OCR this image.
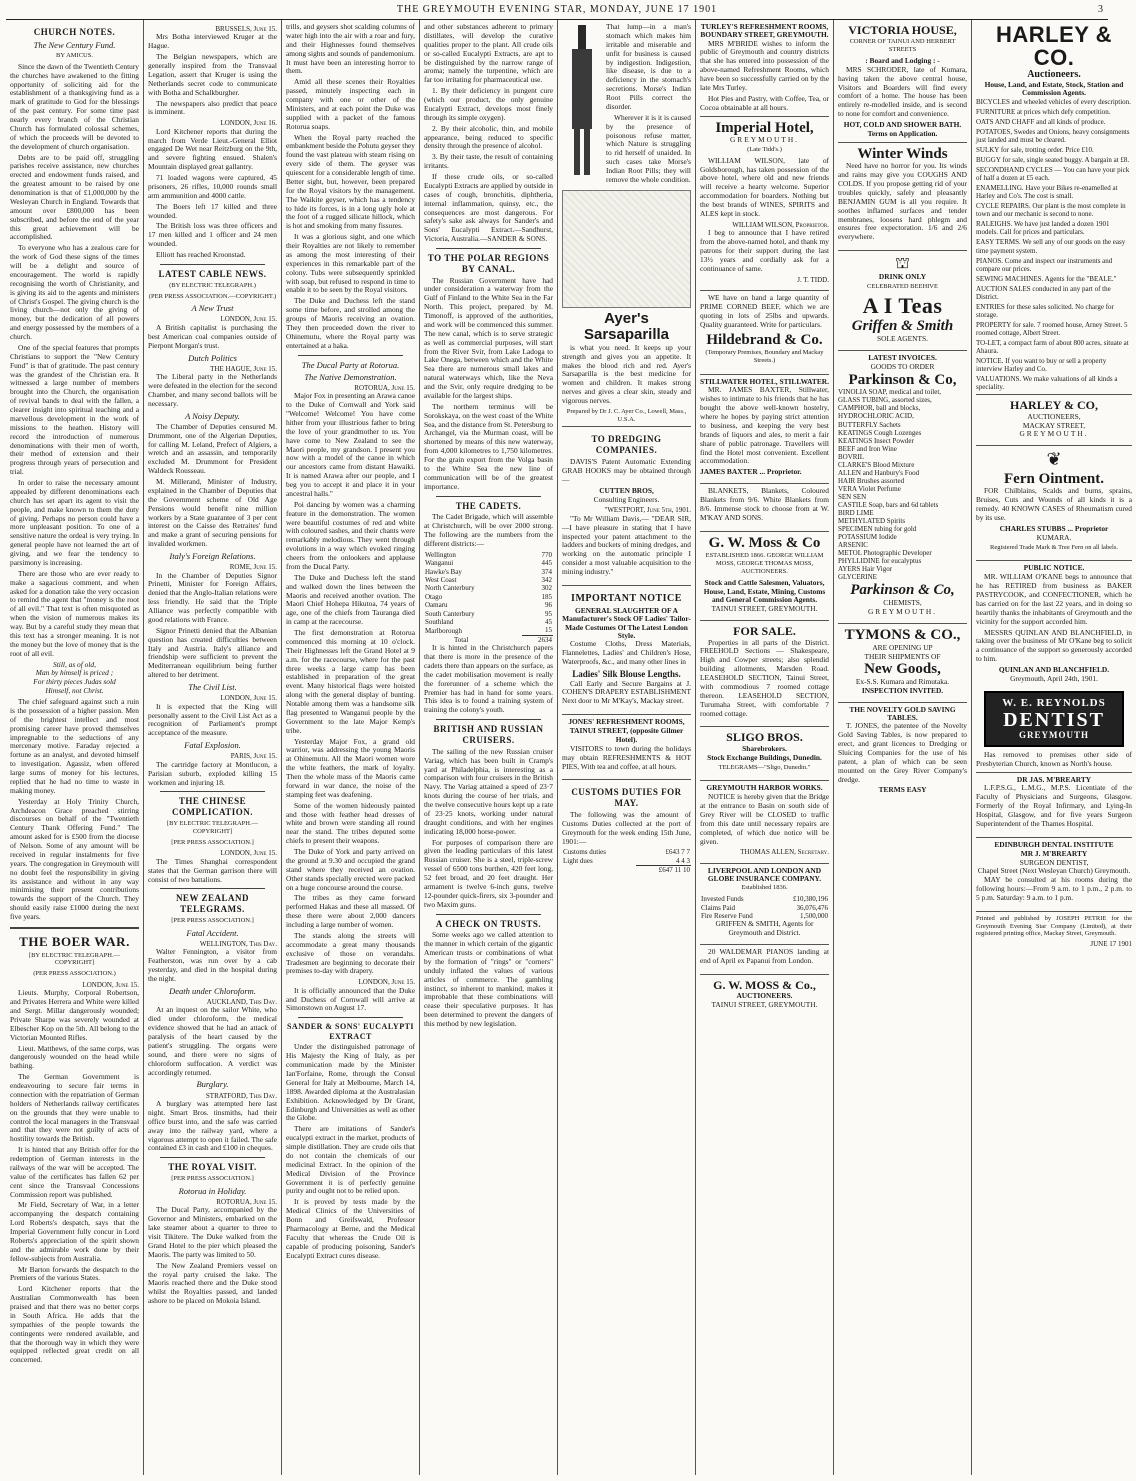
THE GREYMOUTH EVENING STAR, MONDAY, JUNE 17 1901	3
CHURCH NOTES.
The New Century Fund.
BY AMICUS.

Since the dawn of the Twentieth Century the churches have awakened to the fitting opportunity of soliciting aid for the establishment of a thanksgiving fund as a mark of gratitude to God for the blessings of the past century. For some time past nearly every branch of the Christian Church has formulated colossal schemes, of which the proceeds will be devoted to the development of church organisation.

Debts are to be paid off, struggling parishes receive assistance, new churches erected and endowment funds raised, and the greatest amount to be raised by one denomination is that of £1,000,000 by the Wesleyan Church in England. Towards that amount over £800,000 has been subscribed, and before the end of the year this great achievement will be accomplished.

To everyone who has a zealous care for the work of God these signs of the times will be a delight and source of encouragement. The world is rapidly recognising the worth of Christianity, and is giving its aid to the agents and ministers of Christ's Gospel. The giving church is the living church—not only the giving of money, but the dedication of all powers and energy possessed by the members of a church.

One of the special features that prompts Christians to support the "New Century Fund" is that of gratitude. The past century was the grandest of the Christian era. It witnessed a large number of members brought into the Church, the organisation of revival bands to deal with the fallen, a clearer insight into spiritual teaching and a marvellous development in the work of missions to the heathen. History will record the introduction of numerous denominations with their men of worth, their method of extension and their progress through years of persecution and trial.

In order to raise the necessary amount appealed by different denominations each church has set apart its agent to visit the people, and make known to them the duty of giving. Perhaps no person could have a more unpleasant position. To one of a sensitive nature the ordeal is very trying. In general people have not learned the art of giving, and we fear the tendency to parsimony is increasing.

There are those who are ever ready to make a sagacious comment, and when asked for a donation take the very occasion to remind the agent that "money is the root of all evil." That text is often misquoted as when the vision of numerous makes its way. But by a careful study they mean that this text has a stronger meaning. It is not the money but the love of money that is the root of all evil.

Still, as of old,
Man by himself is priced ;
For thirty pieces Judas sold
Himself, not Christ.

The chief safeguard against such a ruin is the possession of a higher passion. Men of the brightest intellect and most promising career have proved themselves impregnable to the seductions of any mercenary motive. Faraday rejected a fortune as an analyst, and devoted himself to investigation. Agassiz, when offered large sums of money for his lectures, replied that he had no time to waste in making money.

Yesterday at Holy Trinity Church, Archdeacon Grace preached stirring discourses on behalf of the "Twentieth Century Thank Offering Fund." The amount asked for is £500 from the diocese of Nelson. Some of any amount will be received in regular instalments for five years. The congregation in Greymouth will no doubt feel the responsibility in giving its assistance and without in any way minimising their present contributions towards the support of the Church. They should easily raise £1000 during the next five years.

THE BOER WAR.
[BY ELECTRIC TELEGRAPH.—COPYRIGHT]
(PER PRESS ASSOCIATION.)
LONDON, June 15.

Lieuts. Murphy, Corporal Robertson, and Privates Herrera and White were killed and Sergt. Millar dangerously wounded; Private Sharpe was severely wounded at Elbescher Kop on the 5th. All belong to the Victorian Mounted Rifles.

Lieut. Matthews, of the same corps, was dangerously wounded on the head while bathing.

The German Government is endeavouring to secure fair terms in connection with the repatriation of German holders of Netherlands railway certificates on the grounds that they were unable to control the local managers in the Transvaal and that they were not guilty of acts of hostility towards the British.

It is hinted that any British offer for the redemption of German interests in the railways of the war will be accepted. The value of the certificates has fallen 62 per cent since the Transvaal Concessions Commission report was published.

Mr Field, Secretary of War, in a letter accompanying the despatch containing Lord Roberts's despatch, says that the Imperial Government fully concur in Lord Roberts's appreciation of the spirit shown and the admirable work done by their fellow-subjects from Australia.

Mr Barton forwards the despatch to the Premiers of the various States.

Lord Kitchener reports that the Australian Commonwealth has been praised and that there was no better corps in South Africa. He adds that the sympathies of the people towards the contingents were rendered available, and that the thorough way in which they were equipped reflected great credit on all concerned.

BRUSSELS, June 15.

Mrs Botha interviewed Kruger at the Hague.

The Belgian newspapers, which are generally inspired from the Transvaal Legation, assert that Kruger is using the Netherlands secret code to communicate with Botha and Schalkburgher.

The newspapers also predict that peace is imminent.

LONDON, June 16.

Lord Kitchener reports that during the march from Verde Lieut.-General Elliot engaged De Wet near Reitzburg on the 9th, and severe fighting ensued. Shalen's Mountain displayed great gallantry.

71 loaded wagons were captured, 45 prisoners, 26 rifles, 10,000 rounds small arm ammunition and 4000 cattle.

The Boers left 17 killed and three wounded.

The British loss was three officers and 17 men killed and 1 officer and 24 men wounded.

Elliott has reached Kroonstad.

LATEST CABLE NEWS.
(BY ELECTRIC TELEGRAPH.)
(PER PRESS ASSOCIATION.—COPYRIGHT.)
A New Trust
LONDON, June 15.

A British capitalist is purchasing the best American coal companies outside of Pierpont Morgan's trust.

Dutch Politics
THE HAGUE, June 15.

The Liberal party in the Netherlands were defeated in the election for the second Chamber, and many second ballots will be necessary.

A Noisy Deputy.

The Chamber of Deputies censured M. Drummont, one of the Algerian Deputies, for calling M. Leland, Prefect of Algiers, a wretch and an assassin, and temporarily excluded M. Drummont for President Waldeck Rousseau.

M. Millerand, Minister of Industry, explained in the Chamber of Deputies that the Government scheme of Old Age Pensions would benefit nine million workers by a State guarantee of 3 per cent interest on the Caisse des Retraites' fund and make a grant of securing pensions for invalided workmen.

Italy's Foreign Relations.
ROME, June 15.

In the Chamber of Deputies Signor Prinetti, Minister for Foreign Affairs, denied that the Anglo-Italian relations were less friendly. He said that the Triple Alliance was perfectly compatible with good relations with France.

Signor Prinetti denied that the Albanian question has created difficulties between Italy and Austria. Italy's alliance and friendship were sufficient to prevent the Mediterranean equilibrium being further altered to her detriment.

The Civil List.
LONDON, June 15.

It is expected that the King will personally assent to the Civil List Act as a recognition of Parliament's prompt acceptance of the measure.

Fatal Explosion.
PARIS, June 15.

The cartridge factory at Montlucon, a Parisian suburb, exploded killing 15 workmen and injuring 18.

THE CHINESE COMPLICATION.
[BY ELECTRIC TELEGRAPH.—COPYRIGHT]
[PER PRESS ASSOCIATION.]
LONDON, June 15.

The Times Shanghai correspondent states that the German garrison there will consist of two battalions.

NEW ZEALAND TELEGRAMS.
[PER PRESS ASSOCIATION.]
Fatal Accident.
WELLINGTON, This Day.

Walter Fennington, a visitor from Featherston, was run over by a cab yesterday, and died in the hospital during the night.

Death under Chloroform.
AUCKLAND, This Day.

At an inquest on the sailor White, who died under chloroform, the medical evidence showed that he had an attack of paralysis of the heart caused by the patient's struggling. The organs were sound, and there were no signs of chloroform suffocation. A verdict was accordingly returned.

Burglary.
STRATFORD, This Day.

A burglary was attempted here last night. Smart Bros. tinsmiths, had their office burst into, and the safe was carried away into the railway yard, where a vigorous attempt to open it failed. The safe contained £3 in cash and £100 in cheques.

THE ROYAL VISIT.
[PER PRESS ASSOCIATION.]
Rotorua in Holiday.
ROTORUA, June 15.

The Ducal Party, accompanied by the Governor and Ministers, embarked on the lake steamer about a quarter to three to visit Tikitere. The Duke walked from the Grand Hotel to the pier which pleased the Maoris. The party was limited to 50.

The New Zealand Premiers vessel on the royal party cruised the lake. The Maoris reached there and the Duke stood whilst the Royalties passed, and landed ashore to be placed on Mokoia Island.

trills, and geysers shot scalding columns of water high into the air with a roar and fury, and their Highnesses found themselves among sights and sounds of pandemonium. It must have been an interesting horror to them.

Amid all these scenes their Royalties passed, minutely inspecting each in company with one or other of the Ministers, and at each point the Duke was supplied with a packet of the famous Rotorua soaps.

When the Royal party reached the embankment beside the Pohutu geyser they found the vast plateau with steam rising on every side of them. The geyser was quiescent for a considerable length of time. Better sight, but, however, been prepared for the Royal visitors by the management. The Waikite geyser, which has a tendency to hide its forces, is in a long ugly hole at the foot of a rugged silicate hillock, which is hot and smoking from many fissures.

It was a glorious sight, and one which their Royalties are not likely to remember as among the most interesting of their experiences in this remarkable part of the colony. Tubs were subsequently sprinkled with soap, but refused to respond in time to enable it to be seen by the Royal visitors.

The Duke and Duchess left the stand some time before, and strolled among the groups of Maoris receiving an ovation. They then proceeded down the river to Ohinemutu, where the Royal party was entertained at a haka.

The Ducal Party at Rotorua.
The Native Demonstration.
ROTORUA, June 15.

Major Fox in presenting an Arawa canoe to the Duke of Cornwall and York said "Welcome! Welcome! You have come hither from your illustrious father to bring the love of your grandmother to us. You have come to New Zealand to see the Maori people, my grandson. I present you now with a model of the canoe in which our ancestors came from distant Hawaiki. It is named Arawa after our people, and I beg you to accept it and place it in your ancestral halls."

Poi dancing by women was a charming feature in the demonstration. The women were beautiful costumes of red and white with coloured sashes, and their chants were remarkably melodious. They went through evolutions in a way which evoked ringing cheers from the onlookers and applause from the Ducal Party.

The Duke and Duchess left the stand and walked down the lines between the Maoris and received another ovation. The Maori Chief Hohepa Hikutoa, 74 years of age, one of the chiefs from Tauranga died in camp at the racecourse.

The first demonstration at Rotorua commenced this morning at 10 o'clock. Their Highnesses left the Grand Hotel at 9 a.m. for the racecourse, where for the past three weeks a large camp has been established in preparation of the great event. Many historical flags were hoisted along with the general display of bunting. Notable among them was a handsome silk flag presented to Wanganui people by the Government to the late Major Kemp's tribe.

Yesterday Major Fox, a grand old warrior, was addressing the young Maoris at Ohinemutu. All the Maori women wore the white feathers, the mark of loyalty. Then the whole mass of the Maoris came forward in war dance, the noise of the stamping feet was deafening.

Some of the women hideously painted and those with feather head dresses of white and brown were standing all round near the stand. The tribes deputed some chiefs to present their weapons.

The Duke of York and party arrived on the ground at 9.30 and occupied the grand stand where they received an ovation. Other stands specially erected were packed on a huge concourse around the course.

The tribes as they came forward performed Hakas and these all massed. Of these there were about 2,000 dancers including a large number of women.

The stands along the streets will accommodate a great many thousands exclusive of those on verandahs. Tradesmen are beginning to decorate their premises to-day with drapery.

LONDON, June 15.

It is officially announced that the Duke and Duchess of Cornwall will arrive at Simonstown on August 17.

SANDER & SONS' EUCALYPTI EXTRACT

Under the distinguished patronage of His Majesty the King of Italy, as per communication made by the Minister Ian'Forfaine, Rome, through the Consul General for Italy at Melbourne, March 14, 1898. Awarded diploma at the Australasian Exhibition. Acknowledged by Dr Grant, Edinburgh and Universities as well as other the Globe.

There are imitations of Sander's eucalypti extract in the market, products of simple distillation. They are crude oils that do not contain the chemicals of our medicinal Extract. In the opinion of the Medical Division of the Province Government it is of perfectly genuine purity and ought not to be relied upon.

It is proved by tests made by the Medical Clinics of the Universities of Bonn and Greifswald, Professor Pharmacology at Berne, and the Medical Faculty that whereas the Crude Oil is capable of producing poisoning, Sander's Eucalypti Extract cures disease.

and other substances adherent to primary distillates, will develop the curative qualities proper to the plant. All crude oils or so-called Eucalypti Extracts, are apt to be distinguished by the narrow range of aroma; namely the turpentine, which are far too irritating for pharmaceutical use.

1. By their deficiency in pungent cure (which our product, the only genuine Eucalypti Extract, develops most finely through its simple oxygen).

2. By their alcoholic, thin, and mobile appearance, being reduced to specific density through the presence of alcohol.

3. By their taste, the result of containing irritants.

If these crude oils, or so-called Eucalypti Extracts are applied by outside in cases of cough, bronchitis, diphtheria, internal inflammation, quinsy, etc., the consequences are most dangerous. For safety's sake ask always for Sander's and Sons' Eucalypti Extract.—Sandhurst, Victoria, Australia.—SANDER & SONS.

TO THE POLAR REGIONS BY CANAL.

The Russian Government have had under consideration a waterway from the Gulf of Finland to the White Sea in the Far North. This project, prepared by M. Timonoff, is approved of the authorities, and work will be commenced this summer. The new canal, which is to serve strategic as well as commercial purposes, will start from the River Svir, from Lake Ladoga to Lake Onega, between which and the White Sea there are numerous small lakes and natural waterways which, like the Neva and the Svir, only require dredging to be available for the largest ships.

The northern terminus will be Sorokskaya, on the west coast of the White Sea, and the distance from St. Petersburg to Archangel, via the Murman coast, will be shortened by means of this new waterway, from 4,000 kilometres to 1,750 kilometres. For the grain export from the Volga basin to the White Sea the new line of communication will be of the greatest importance.

THE CADETS.

The Cadet Brigade, which will assemble at Christchurch, will be over 2000 strong. The following are the numbers from the different districts:—

Wellington	770
Wanganui	445
Hawke's Bay	374
West Coast	342
North Canterbury	302
Otago	185
Oamaru	96
South Canterbury	95
Southland	45
Marlborough	15
Total	2634

It is hinted in the Christchurch papers that there is more in the presence of the cadets there than appears on the surface, as the cadet mobilisation movement is really the forerunner of a scheme which the Premier has had in hand for some years. This idea is to found a training system of training the colony's youth.

BRITISH AND RUSSIAN CRUISERS.

The sailing of the new Russian cruiser Variag, which has been built in Cramp's yard at Philadelphia, is interesting as a comparison with four cruisers in the British Navy. The Variag attained a speed of 23·7 knots during the course of her trials, and the twelve consecutive hours kept up a rate of 23·25 knots, working under natural draught conditions, and with her engines indicating 18,000 horse-power.

For purposes of comparison there are given the leading particulars of this latest Russian cruiser. She is a steel, triple-screw vessel of 6500 tons burthen, 420 feet long, 52 feet broad, and 20 feet draught. Her armament is twelve 6-inch guns, twelve 12-pounder quick-firers, six 3-pounder and two Maxim guns.

A CHECK ON TRUSTS.

Some weeks ago we called attention to the manner in which certain of the gigantic American trusts or combinations of what by the formation of "rings" or "corners" unduly inflated the values of various articles of commerce. The gambling instinct, so inherent to mankind, makes it improbable that these combinations will cease their speculative purposes. It has been determined to prevent the dangers of this method by new legislation.

That lump—in a man's stomach which makes him irritable and miserable and unfit for business is caused by indigestion. Indigestion, like disease, is due to a deficiency in the stomach's secretions. Morse's Indian Root Pills correct the disorder.

Wherever it is it is caused by the presence of poisonous refuse matter, which Nature is struggling to rid herself of unaided. In such cases take Morse's Indian Root Pills; they will remove the whole condition.

Ayer's Sarsaparilla

is what you need. It keeps up your strength and gives you an appetite. It makes the blood rich and red. Ayer's Sarsaparilla is the best medicine for women and children. It makes strong nerves and gives a clear skin, steady and vigorous nerves.

Prepared by Dr J. C. Ayer Co., Lowell, Mass., U.S.A.
TO DREDGING COMPANIES.

DAVIS'S Patent Automatic Extending GRAB HOOKS may be obtained through—

CUTTEN BROS,
Consulting Engineers.
"WESTPORT, June 5th, 1901.

"To Mr William Davis,— "DEAR SIR,—I have pleasure in stating that I have inspected your patent attachment to the ladders and buckets of mining dredges, and working on the automatic principle I consider a most valuable acquisition to the mining industry."

IMPORTANT NOTICE
GENERAL SLAUGHTER OF A Manufacturer's Stock OF Ladies' Tailor-Made Costumes Of The Latest London Style.

Costume Cloths, Dress Materials, Flannelettes, Ladies' and Children's Hose, Waterproofs, &c., and many other lines in

Ladies' Silk Blouse Lengths.

Call Early and Secure Bargains at J. COHEN'S DRAPERY ESTABLISHMENT Next door to Mr M'Kay's, Mackay street.

JONES' REFRESHMENT ROOMS, TAINUI STREET, (opposite Gilmer Hotel).

VISITORS to town during the holidays may obtain REFRESHMENTS & HOT PIES, With tea and coffee, at all hours.

CUSTOMS DUTIES FOR MAY.

The following was the amount of Customs Duties collected at the port of Greymouth for the week ending 15th June, 1901:—

Customs duties	£643 7 7
Light dues	4 4 3
	£647 11 10
TURLEY'S REFRESHMENT ROOMS, BOUNDARY STREET, GREYMOUTH.

MRS M'BRIDE wishes to inform the public of Greymouth and country districts that she has entered into possession of the above-named Refreshment Rooms, which have been so successfully carried on by the late Mrs Turley.

Hot Pies and Pastry, with Coffee, Tea, or Cocoa obtainable at all hours.

Imperial Hotel,
GREYMOUTH.
(Late Tidd's.)

WILLIAM WILSON, late of Goldsborough, has taken possession of the above hotel, where old and new friends will receive a hearty welcome. Superior accommodation for boarders. Nothing but the best brands of WINES, SPIRITS and ALES kept in stock.

WILLIAM WILSON, Proprietor.

I beg to announce that I have retired from the above-named hotel, and thank my patrons for their support during the last 13½ years and cordially ask for a continuance of same.

J. T. TIDD.

WE have on hand a large quantity of PRIME CORNED BEEF, which we are quoting in lots of 25lbs and upwards. Quality guaranteed. Write for particulars.

Hildebrand & Co.
(Temporary Premises, Boundary and Mackay Streets.)
STILLWATER HOTEL, STILLWATER.

MR. JAMES BAXTER, Stillwater, wishes to intimate to his friends that he has bought the above well-known hostelry, where he hopes by paying strict attention to business, and keeping the very best brands of liquors and ales, to merit a fair share of public patronage. Travellers will find the Hotel most convenient. Excellent accommodation.

JAMES BAXTER ... Proprietor.

BLANKETS, Blankets, Coloured Blankets from 9/6. White Blankets from 8/6. Immense stock to choose from at W. M'KAY AND SONS.

G. W. Moss & Co
ESTABLISHED 1866. GEORGE WILLIAM MOSS, GEORGE THOMAS MOSS, AUCTIONEERS.
Stock and Cattle Salesmen, Valuators, House, Land, Estate, Mining, Customs and General Commission Agents.
TAINUI STREET, GREYMOUTH.
FOR SALE.

Properties in all parts of the District. FREEHOLD Sections — Shakespeare, High and Cowper streets; also splendid building allotments, Marsden Road. LEASEHOLD SECTION, Tainui Street, with commodious 7 roomed cottage thereon. LEASEHOLD SECTION, Turumaha Street, with comfortable 7 roomed cottage.

SLIGO BROS.
Sharebrokers.
Stock Exchange Buildings, Dunedin.
TELEGRAMS—"Sligo, Dunedin."
GREYMOUTH HARBOR WORKS.

NOTICE is hereby given that the Bridge at the entrance to Basin on south side of Grey River will be CLOSED to traffic from this date until necessary repairs are completed, of which due notice will be given.

THOMAS ALLEN, Secretary.
LIVERPOOL AND LONDON AND GLOBE INSURANCE COMPANY.
Established 1836.
Invested Funds	£10,380,196
Claims Paid	36,076,476
Fire Reserve Fund	1,500,000
GRIFFEN & SMITH, Agents for Greymouth and District.

20 WALDEMAR PIANOS landing at end of April ex Papanui from London.

G. W. MOSS & Co.,
AUCTIONEERS.
TAINUI STREET, GREYMOUTH.
VICTORIA HOUSE,
CORNER OF TAINUI AND HERBERT STREETS
: Board and Lodging : -

MRS SCHRODER, late of Kumara, having taken the above central house, Visitors and Boarders will find every comfort of a home. The house has been entirely re-modelled inside, and is second to none for comfort and convenience.

HOT, COLD AND SHOWER BATH. Terms on Application.
Winter Winds

Need have no horror for you. Its winds and rains may give you COUGHS AND COLDS. If you propose getting rid of your troubles quickly, safely and pleasantly BENJAMIN GUM is all you require. It soothes inflamed surfaces and tender membranes, loosens hard phlegm and ensures free expectoration. 1/6 and 2/6 everywhere.

⛫
DRINK ONLY
CELEBRATED BEEHIVE
A I Teas
Griffen & Smith
SOLE AGENTS.
LATEST INVOICES.
GOODS TO ORDER
Parkinson & Co,
VINOLIA SOAP, medical and toilet,
GLASS TUBING, assorted sizes,
CAMPHOR, ball and blocks,
HYDROCHLORIC ACID,
BUTTERFLY Sachets
KEATINGS Cough Lozenges
KEATINGS Insect Powder
BEEF and Iron Wine
BOVRIL
CLARKE'S Blood Mixture
ALLEN and Hanbury's Food
HAIR Brushes assorted
VERA Violet Perfume
SEN SEN
CASTILE Soap, bars and 6d tablets
BIRD LIME
METHYLATED Spirits
SPECIMEN tubing for gold
POTASSIUM Iodide
ARSENIC
METOL Photographic Developer
PHYLLIDINE for eucalyptus
AYERS Hair Vigor
GLYCERINE
Parkinson & Co,
CHEMISTS,
GREYMOUTH.
TYMONS & CO.,
ARE OPENING UP
THEIR SHIPMENTS OF
New Goods,
Ex-S.S. Kumara and Rimutaka.
INSPECTION INVITED.
THE NOVELTY GOLD SAVING TABLES.

T. JONES, the patentee of the Novelty Gold Saving Tables, is now prepared to erect, and grant licences to Dredging or Sluicing Companies for the use of his patent, a plan of which can be seen mounted on the Grey River Company's dredge.

TERMS EASY
HARLEY & CO.
Auctioneers.
House, Land, and Estate, Stock, Station and Commission Agents.
BICYCLES and wheeled vehicles of every description.
FURNITURE at prices which defy competition.
OATS AND CHAFF and all kinds of produce.
POTATOES, Swedes and Onions, heavy consignments just landed and must be cleared.
SULKY for sale, trotting order. Price £10.
BUGGY for sale, single seated buggy. A bargain at £8.
SECONDHAND CYCLES — You can have your pick of half a dozen at £5 each.
ENAMELLING. Have your Bikes re-enamelled at Harley and Co's. The cost is small.
CYCLE REPAIRS. Our plant is the most complete in town and our mechanic is second to none.
RALEIGHS. We have just landed a dozen 1901 models. Call for prices and particulars.
EASY TERMS. We sell any of our goods on the easy time payment system.
PIANOS. Come and inspect our instruments and compare our prices.
SEWING MACHINES. Agents for the "BEALE."
AUCTION SALES conducted in any part of the District.
ENTRIES for these sales solicited. No charge for storage.
PROPERTY for sale. 7 roomed house, Arney Street. 5 roomed cottage, Albert Street.
TO-LET, a compact farm of about 800 acres, situate at Ahaura.
NOTICE. If you want to buy or sell a property interview Harley and Co.
VALUATIONS. We make valuations of all kinds a speciality.
HARLEY & CO,
AUCTIONEERS,
MACKAY STREET,
GREYMOUTH.
❦
Fern Ointment.

FOR Chilblains, Scalds and burns, sprains, Bruises, Cuts and Wounds of all kinds it is a remedy. 40 KNOWN CASES of Rheumatism cured by its use.

CHARLES STUBBS ... Proprietor
KUMARA.
Registered Trade Mark & Tree Fern on all labels.
PUBLIC NOTICE.

MR. WILLIAM O'KANE begs to announce that he has RETIRED from business as BAKER PASTRYCOOK, and CONFECTIONER, which he has carried on for the last 22 years, and in doing so heartily thanks the inhabitants of Greymouth and the vicinity for the support accorded him.

MESSRS QUINLAN AND BLANCHFIELD, in taking over the business of Mr O'Kane beg to solicit a continuance of the support so generously accorded to him.

QUINLAN AND BLANCHFIELD.
Greymouth, April 24th, 1901.
W. E. REYNOLDS
DENTIST
GREYMOUTH

Has removed to premises other side of Presbyterian Church, known as North's house.

DR JAS. M'BREARTY

L.F.P.S.G., L.M.G., M.P.S. Licentiate of the Faculty of Physicians and Surgeons, Glasgow. Formerly of the Royal Infirmary, and Lying-In Hospital, Glasgow, and for five years Surgeon Superintendent of the Thames Hospital.

EDINBURGH DENTAL INSTITUTE
MR J. M'BREARTY
SURGEON DENTIST,
Chapel Street (Next Wesleyan Church) Greymouth.

MAY be consulted at his rooms during the following hours:—From 9 a.m. to 1 p.m., 2 p.m. to 5 p.m. Saturday: 9 a.m. to 1 p.m.

Printed and published by JOSEPH PETRIE for the Greymouth Evening Star Company (Limited), at their registered printing office, Mackay Street, Greymouth.

JUNE 17 1901
